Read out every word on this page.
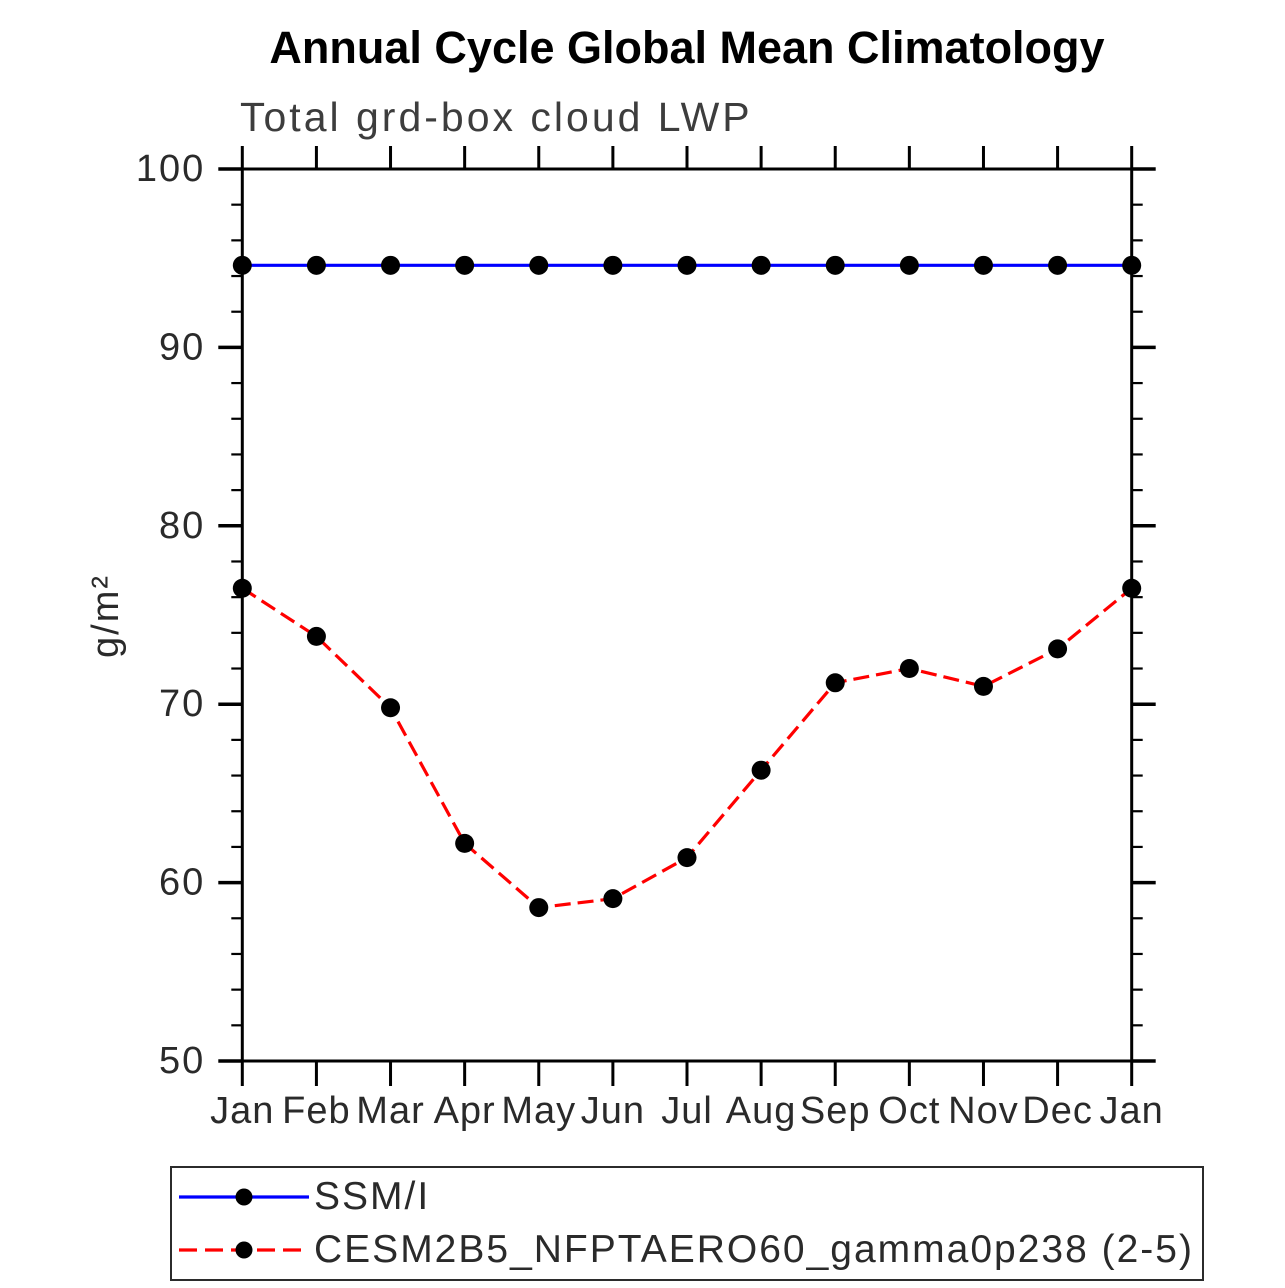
Annual Cycle Global Mean Climatology
Total grd-box cloud LWP
g/m²
50
60
70
80
90
100
Jan Feb Mar Apr May Jun Jul Aug Sep Oct Nov Dec Jan
SSM/I
CESM2B5_NFPTAERO60_gamma0p238 (2-5)
